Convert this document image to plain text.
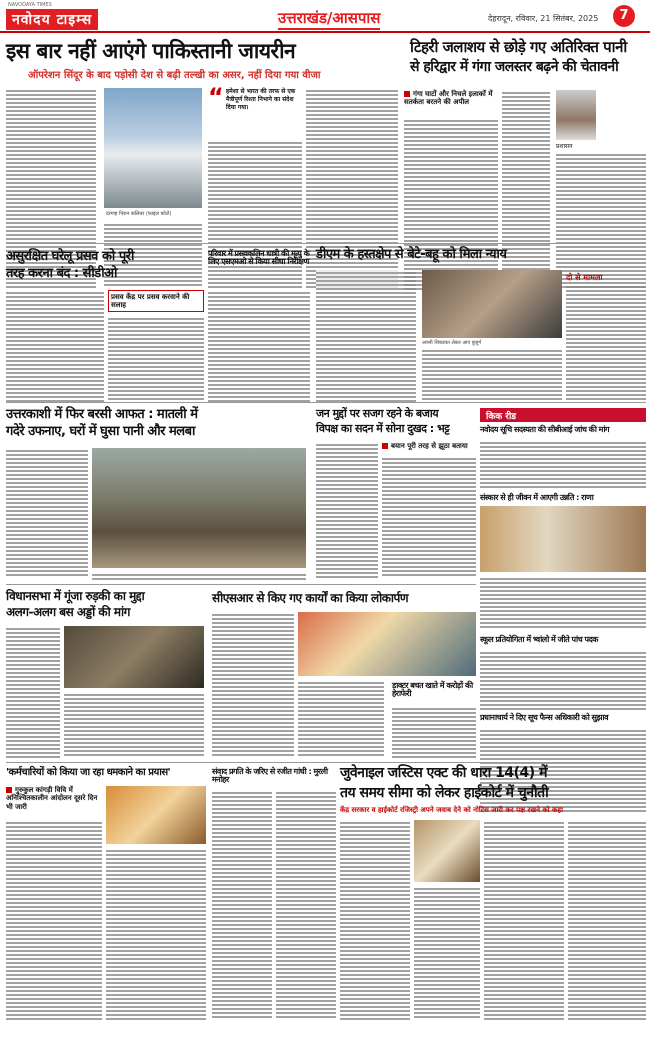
NAVODAYA TIMES
नवोदय टाइम्स	उत्तराखंड/आसपास	देहरादून, रविवार, 21 सितंबर, 2025	7
इस बार नहीं आएंगे पाकिस्तानी जायरीन
ऑपरेशन सिंदूर के बाद पड़ोसी देश से बढ़ी तल्खी का असर, नहीं दिया गया वीजा
दरगाह पिरान कलियर (फाइल फोटो)
“ हमेशा से भारत की तरफ से एक मैत्रीपूर्ण रिश्ता निभाने का संदेश दिया गया।
टिहरी जलाशय से छोड़े गए अतिरिक्त पानी
से हरिद्वार में गंगा जलस्तर बढ़ने की चेतावनी
गंगा घाटों और निचले इलाकों में सतर्कता बरतने की अपील
प्रशासन
असुरक्षित घरेलू प्रसव को पूरी
तरह करना बंद : सीडीओ
प्रसव केंद्र पर प्रसव करवाने की सलाह
परिवार में प्रसवकलिन धात्री की मृत्यु के लिए एसएमओ से किया सीधा निरीक्षण डीएम के हस्तक्षेप से बेटे-बहू को मिला न्याय
अपनी शिकायत लेकर आए बुजुर्ग
दो से मामला
उत्तरकाशी में फिर बरसी आफत : मातली में
गदेरे उफनाए, घरों में घुसा पानी और मलबा
जन मुद्दों पर सजग रहने के बजाय
विपक्ष का सदन में सोना दुखद : भट्ट
बयान पूरी तरह से झूठा बताया
किक रीड
नवोदय सूचि सदस्यता की सीबीआई जांच की मांग
संस्कार से ही जीवन में आएगी उन्नति : राणा
स्कूल प्रतियोगिता में भ्वांलो में जीते पांच पदक
प्रधानाचार्य ने दिए सूच फैन्स अधिकारी को सुझाव
विधानसभा में गूंजा रुड़की का मुद्दा
अलग-अलग बस अड्डों की मांग
सीएसआर से किए गए कार्यों का किया लोकार्पण
डाक्टर बचत खाते में करोड़ों की हेराफेरी
'कर्मचारियों को किया जा रहा धमकाने का प्रयास'
गुरुकुल कांगड़ी विवि में अनिश्चितकालीन आंदोलन दूसरे दिन भी जारी
संवाद प्रगति के जरिए से रजीत गांधी : मुरली मनोहर	जुवेनाइल जस्टिस एक्ट की धारा 14(4) में
तय समय सीमा को लेकर हाईकोर्ट में चुनौती
केंद्र सरकार व हाईकोर्ट रजिस्ट्री अपने जवाब देने को नोटिस जारी कर पक्ष रखने को कहा
